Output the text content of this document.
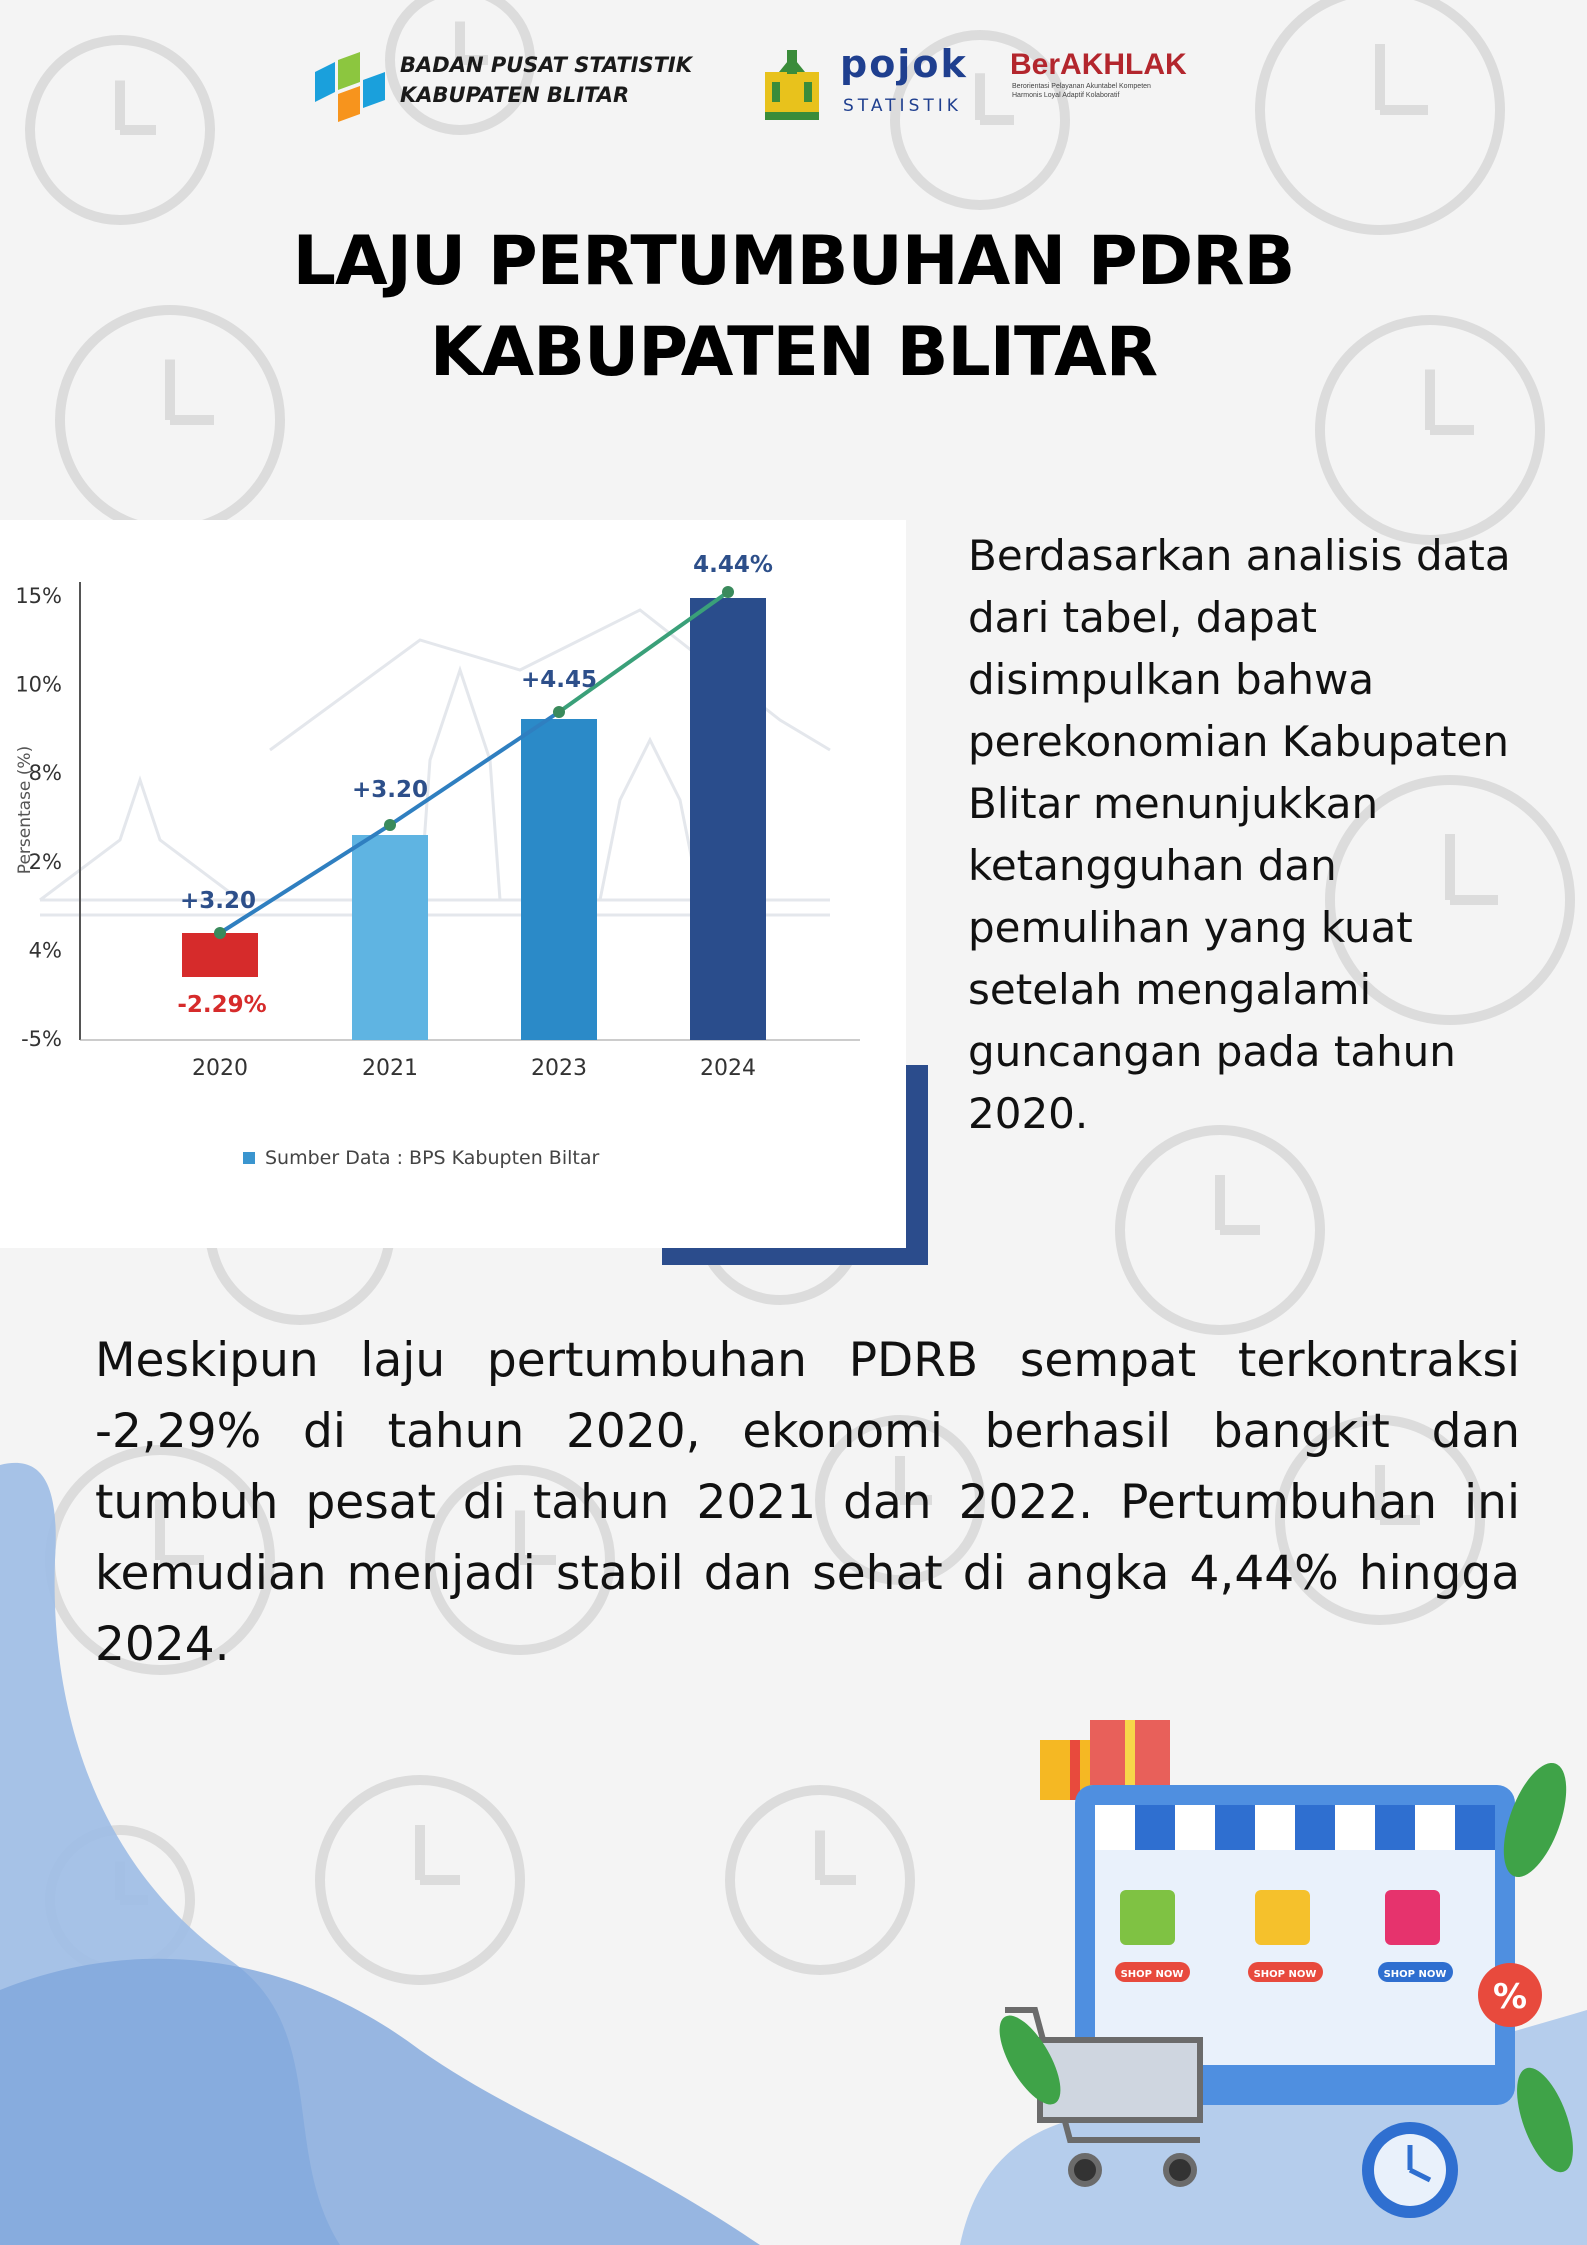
BADAN PUSAT STATISTIK
KABUPATEN BLITAR
pojok
STATISTIK
BerAKHLAK
Berorientasi Pelayanan Akuntabel Kompeten Harmonis Loyal Adaptif Kolaboratif
LAJU PERTUMBUHAN PDRB
KABUPATEN BLITAR
15%
10%
8%
2%
4%
-5%
2020	2021	2023	2024
+3.20
+3.20
+4.45
-2.29%
4.44%
Persentase (%)
Sumber Data : BPS Kabupten Biltar
Berdasarkan analisis data dari tabel, dapat disimpulkan bahwa perekonomian Kabupaten Blitar menunjukkan ketangguhan dan pemulihan yang kuat setelah mengalami guncangan pada tahun 2020.
Meskipun laju pertumbuhan PDRB sempat terkontraksi -2,29% di tahun 2020, ekonomi berhasil bangkit dan tumbuh pesat di tahun 2021 dan 2022. Pertumbuhan ini kemudian menjadi stabil dan sehat di angka 4,44% hingga 2024.
SHOP NOW	SHOP NOW	SHOP NOW
%
